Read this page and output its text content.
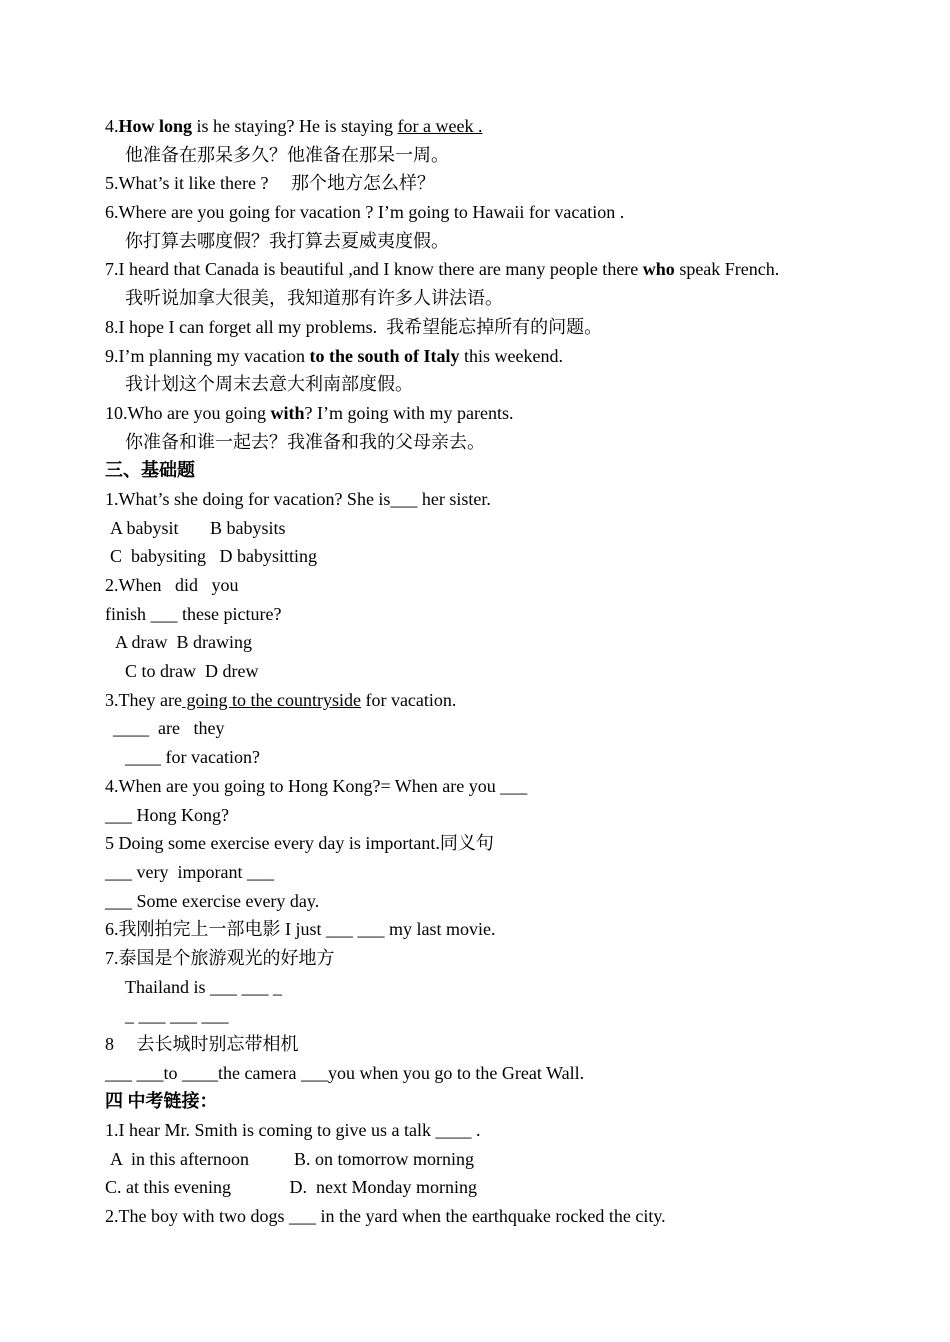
4.How long is he staying? He is staying for a week .
他准备在那呆多久？他准备在那呆一周。
5.What’s it like there ?     那个地方怎么样？
6.Where are you going for vacation ? I’m going to Hawaii for vacation .
你打算去哪度假？我打算去夏威夷度假。
7.I heard that Canada is beautiful ,and I know there are many people there who speak French.
我听说加拿大很美，我知道那有许多人讲法语。
8.I hope I can forget all my problems.  我希望能忘掉所有的问题。
9.I’m planning my vacation to the south of Italy this weekend.
我计划这个周末去意大利南部度假。
10.Who are you going with? I’m going with my parents.
你准备和谁一起去？我准备和我的父母亲去。
三、基础题
1.What’s she doing for vacation? She is___ her sister.
A babysit       B babysits
C  babysiting   D babysitting
2.When   did   you
finish ___ these picture?
A draw  B drawing
C to draw  D drew
3.They are going to the countryside for vacation.
____  are   they
____ for vacation?
4.When are you going to Hong Kong?= When are you ___
___ Hong Kong?
5 Doing some exercise every day is important.同义句
___ very  imporant ___
___ Some exercise every day.
6.我刚拍完上一部电影 I just ___ ___ my last movie.
7.泰国是个旅游观光的好地方
Thailand is ___ ___ _
_ ___ ___ ___
8     去长城时别忘带相机
___ ___to ____the camera ___you when you go to the Great Wall.
四 中考链接：
1.I hear Mr. Smith is coming to give us a talk ____ .
A  in this afternoon          B. on tomorrow morning
C. at this evening             D.  next Monday morning
2.The boy with two dogs ___ in the yard when the earthquake rocked the city.
